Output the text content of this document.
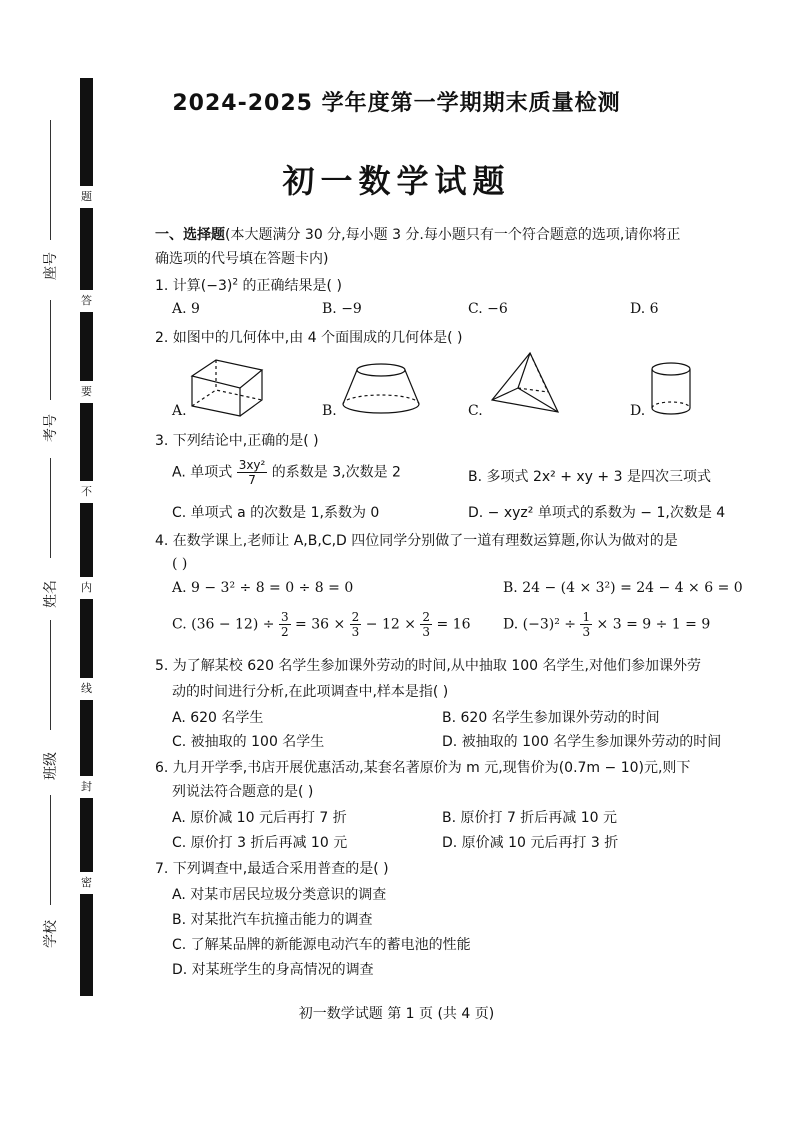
题
答
要
不
内
线
封
密
座号
考号
姓名
班级
学校
2024-2025 学年度第一学期期末质量检测
初一数学试题
一、选择题(本大题满分 30 分,每小题 3 分.每小题只有一个符合题意的选项,请你将正
确选项的代号填在答题卡内)
1. 计算$(-3)^2$ 的正确结果是( )
A. 9	B. −9	C. −6	D. 6
2. 如图中的几何体中,由 4 个面围成的几何体是( )
A.	B.	C.	D.
3. 下列结论中,正确的是( )
A. 单项式 $\frac{\text{3xy²}}{7}$ 的系数是 3,次数是 2	B. 多项式 2x² + xy + 3 是四次三项式
C. 单项式 a 的次数是 1,系数为 0	D. − xyz² 单项式的系数为 − 1,次数是 4
4. 在数学课上,老师让 A,B,C,D 四位同学分别做了一道有理数运算题,你认为做对的是
( )
A. 9 − 3² ÷ 8 = 0 ÷ 8 = 0	B. 24 − (4 × 3²) = 24 − 4 × 6 = 0
C. $(36 - 12) \div \frac{3}{2} = 36 \times \frac{2}{3} - 12 \times \frac{2}{3} = 16$ D. $(-3)^2 \div \frac{1}{3} \times 3 = 9 \div 1 = 9$
5. 为了解某校 620 名学生参加课外劳动的时间,从中抽取 100 名学生,对他们参加课外劳
动的时间进行分析,在此项调查中,样本是指( )
A. 620 名学生	B. 620 名学生参加课外劳动的时间
C. 被抽取的 100 名学生	D. 被抽取的 100 名学生参加课外劳动的时间
6. 九月开学季,书店开展优惠活动,某套名著原价为 m 元,现售价为(0.7m − 10)元,则下
列说法符合题意的是( )
A. 原价减 10 元后再打 7 折	B. 原价打 7 折后再减 10 元
C. 原价打 3 折后再减 10 元	D. 原价减 10 元后再打 3 折
7. 下列调查中,最适合采用普查的是( )
A. 对某市居民垃圾分类意识的调查
B. 对某批汽车抗撞击能力的调查
C. 了解某品牌的新能源电动汽车的蓄电池的性能
D. 对某班学生的身高情况的调查
初一数学试题 第 1 页 (共 4 页)
